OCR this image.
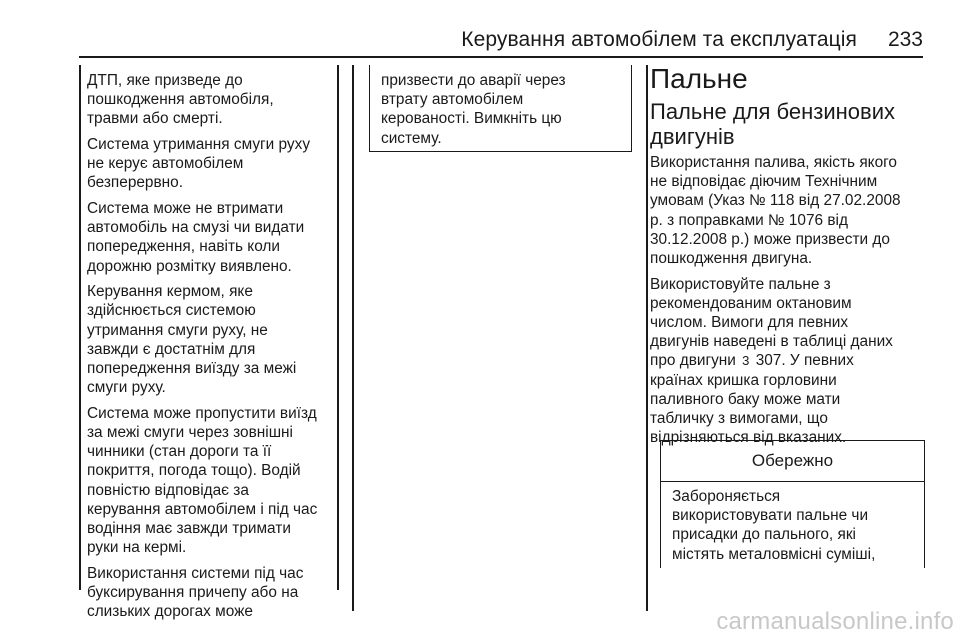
Керування автомобілем та експлуатація 233

ДТП, яке призведе до
пошкодження автомобіля,
травми або смерті.

Система утримання смуги руху
не керує автомобілем
безперервно.

Система може не втримати
автомобіль на смузі чи видати
попередження, навіть коли
дорожню розмітку виявлено.

Керування кермом, яке
здійснюється системою
утримання смуги руху, не
завжди є достатнім для
попередження виїзду за межі
смуги руху.

Система може пропустити виїзд
за межі смуги через зовнішні
чинники (стан дороги та її
покриття, погода тощо). Водій
повністю відповідає за
керування автомобілем і під час
водіння має завжди тримати
руки на кермі.

Використання системи під час
буксирування причепу або на
слизьких дорогах може

призвести до аварії через
втрату автомобілем
керованості. Вимкніть цю
систему.

Пальне
Пальне для бензинових
двигунів

Використання палива, якість якого
не відповідає діючим Технічним
умовам (Указ № 118 від 27.02.2008
р. з поправками № 1076 від
30.12.2008 р.) може призвести до
пошкодження двигуна.

Використовуйте пальне з
рекомендованим октановим
числом. Вимоги для певних
двигунів наведені в таблиці даних
про двигуни 3 307. У певних
країнах кришка горловини
паливного баку може мати
табличку з вимогами, що
відрізняються від вказаних.

Обережно
Забороняється
використовувати пальне чи
присадки до пального, які
містять металовмісні суміші,
carmanualsonline.info
